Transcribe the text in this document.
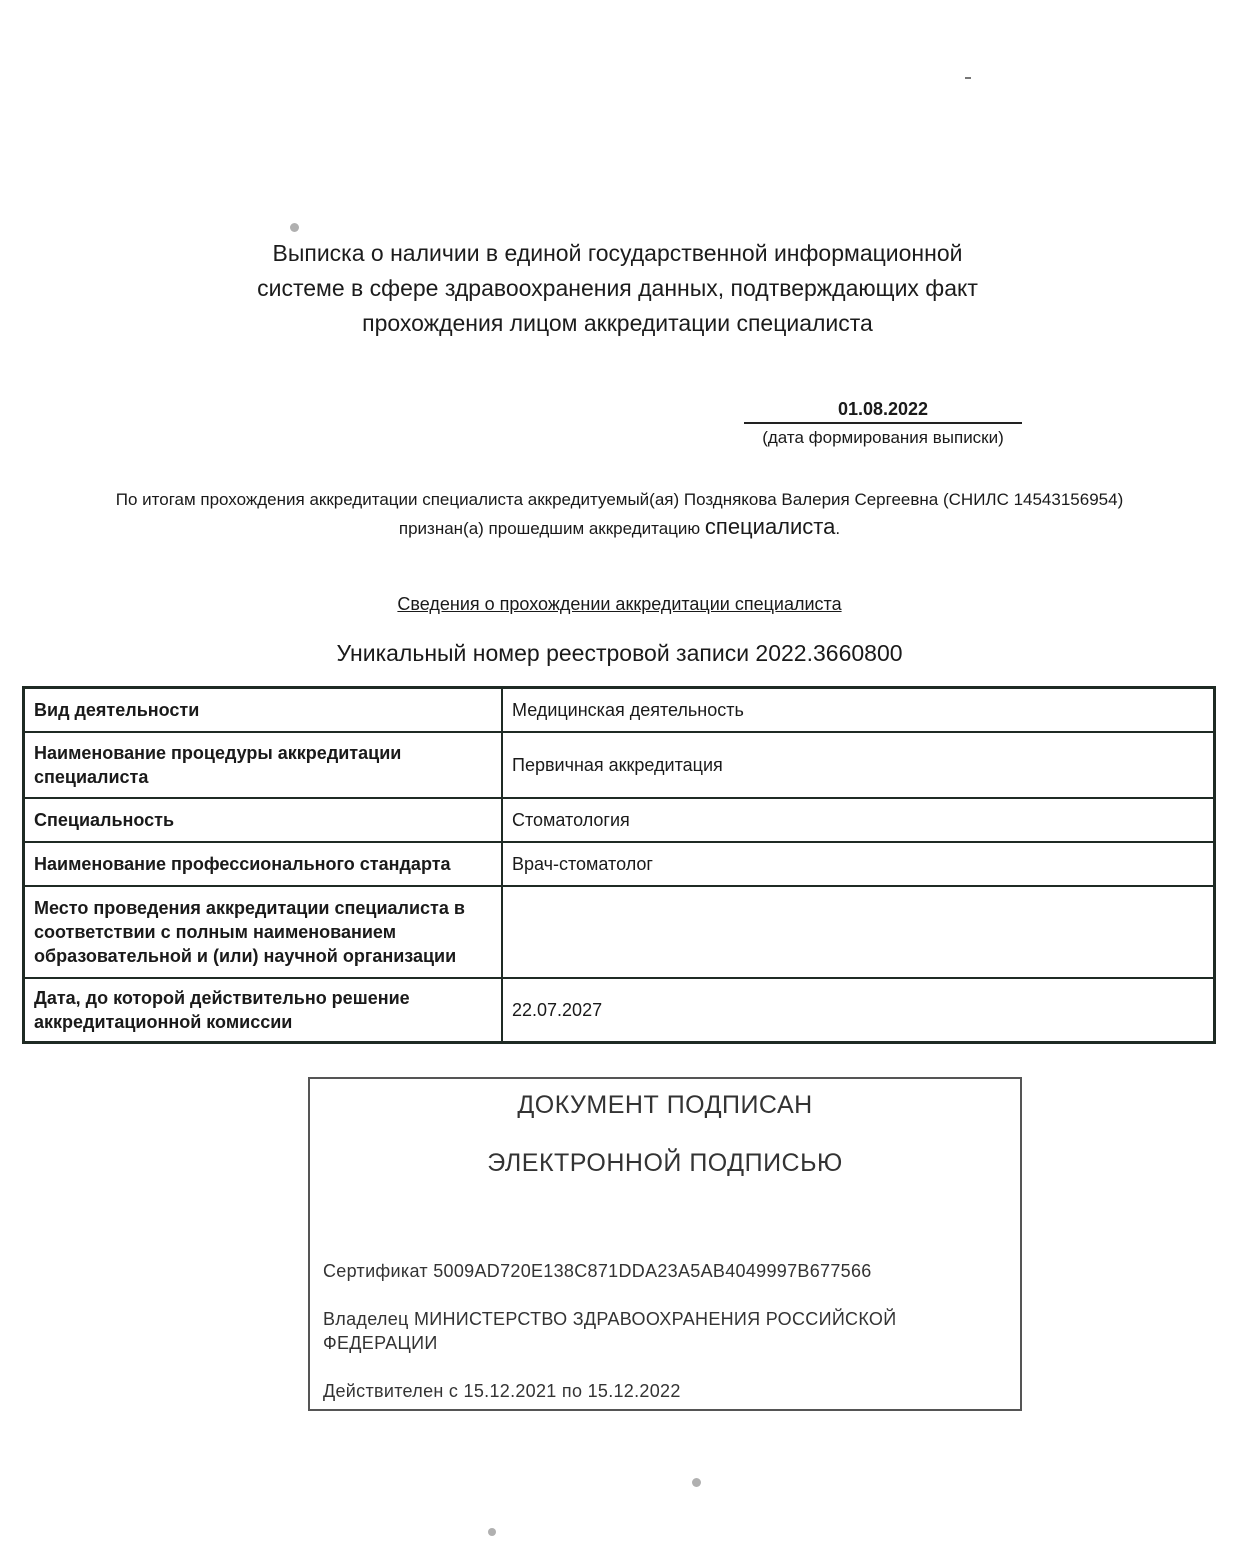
Выписка о наличии в единой государственной информационной
системе в сфере здравоохранения данных, подтверждающих факт
прохождения лицом аккредитации специалиста
01.08.2022
(дата формирования выписки)
По итогам прохождения аккредитации специалиста аккредитуемый(ая) Позднякова Валерия Сергеевна (СНИЛС 14543156954)
признан(а) прошедшим аккредитацию специалиста.
Сведения о прохождении аккредитации специалиста
Уникальный номер реестровой записи 2022.3660800
Вид деятельности	Медицинская деятельность
Наименование процедуры аккредитации специалиста	Первичная аккредитация
Специальность	Стоматология
Наименование профессионального стандарта	Врач-стоматолог
Место проведения аккредитации специалиста в соответствии с полным наименованием образовательной и (или) научной организации	
Дата, до которой действительно решение аккредитационной комиссии	22.07.2027
ДОКУМЕНТ ПОДПИСАН
ЭЛЕКТРОННОЙ ПОДПИСЬЮ
Сертификат 5009AD720E138C871DDA23A5AB4049997B677566
Владелец МИНИСТЕРСТВО ЗДРАВООХРАНЕНИЯ РОССИЙСКОЙ ФЕДЕРАЦИИ
Действителен с 15.12.2021 по 15.12.2022
